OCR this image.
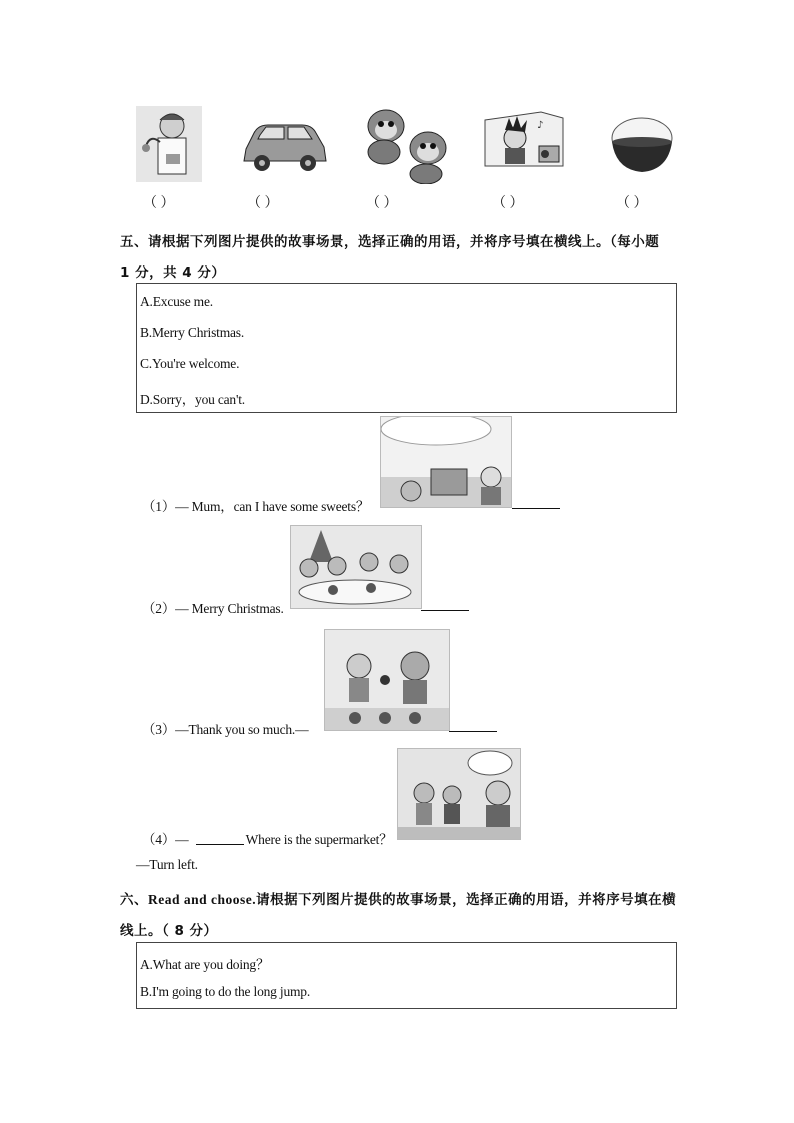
♪
（ ）	（ ）	（ ）	（ ）	（ ）
五、请根据下列图片提供的故事场景，选择正确的用语，并将序号填在横线上。（每小题
1 分，共 4 分）
A.Excuse me.
B.Merry Christmas.
C.You're welcome.
D.Sorry，you can't.
（1）— Mum，can I have some sweets？
（2）— Merry Christmas.
（3）—Thank you so much.—
（4）—	Where is the supermarket？
—Turn left.
六、Read and choose.请根据下列图片提供的故事场景，选择正确的用语，并将序号填在横
线上。（ 8 分）
A.What are you doing？
B.I'm going to do the long jump.
